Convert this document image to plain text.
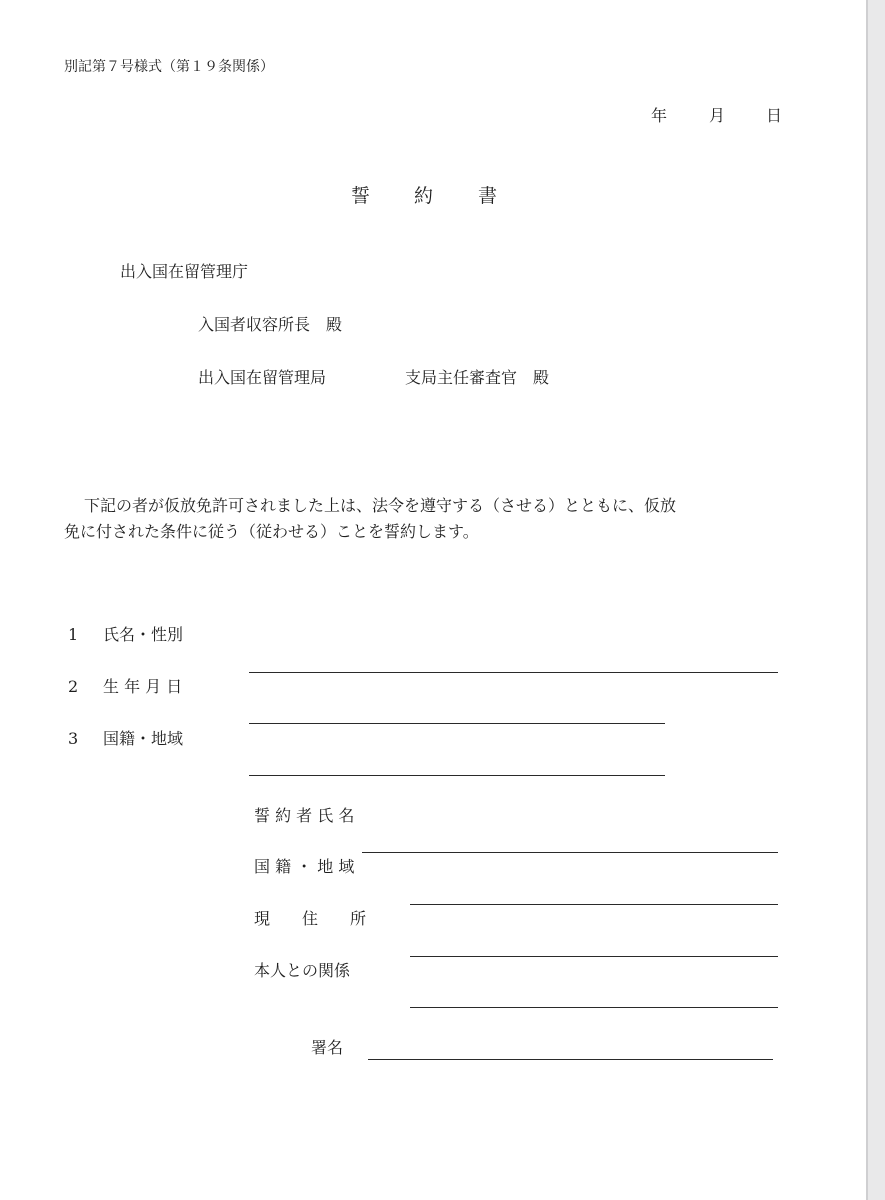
別記第７号様式（第１９条関係）
年	月	日
誓 約 書
出入国在留管理庁
入国者収容所長　殿
出入国在留管理局	支局主任審査官　殿
下記の者が仮放免許可されました上は、法令を遵守する（させる）とともに、仮放
免に付された条件に従う（従わせる）ことを誓約します。
1 氏名・性別
2 生 年 月 日
3 国籍・地域
誓 約 者 氏 名
国 籍 ・ 地 域
現　　住　　所
本人との関係
署名
